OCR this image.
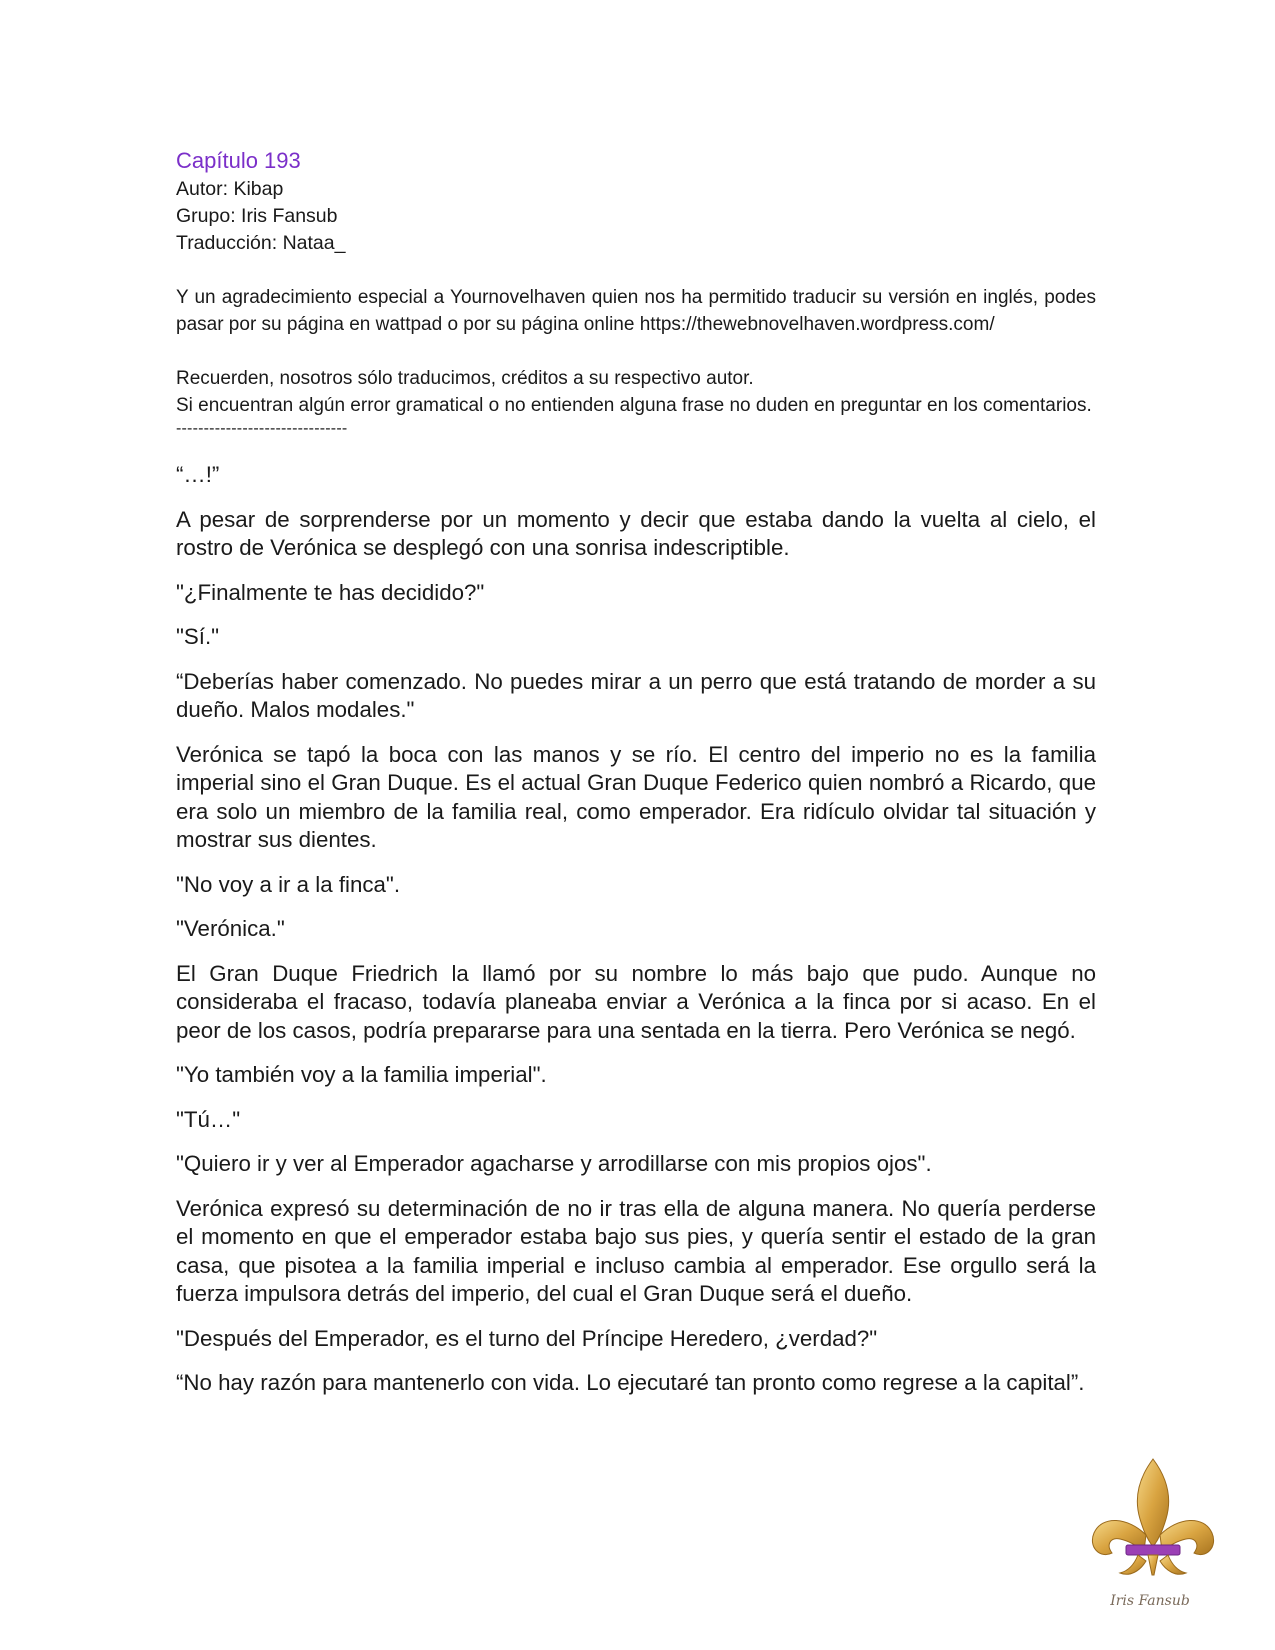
Capítulo 193

Autor: Kibap

Grupo: Iris Fansub

Traducción: Nataa_

Y un agradecimiento especial a Yournovelhaven quien nos ha permitido traducir su versión en inglés, podes pasar por su página en wattpad o por su página online https://thewebnovelhaven.wordpress.com/

Recuerden, nosotros sólo traducimos, créditos a su respectivo autor.

Si encuentran algún error gramatical o no entienden alguna frase no duden en preguntar en los comentarios.

-------------------------------

“…!”

A pesar de sorprenderse por un momento y decir que estaba dando la vuelta al cielo, el rostro de Verónica se desplegó con una sonrisa indescriptible.

"¿Finalmente te has decidido?"

"Sí."

“Deberías haber comenzado. No puedes mirar a un perro que está tratando de morder a su dueño. Malos modales."

Verónica se tapó la boca con las manos y se río. El centro del imperio no es la familia imperial sino el Gran Duque. Es el actual Gran Duque Federico quien nombró a Ricardo, que era solo un miembro de la familia real, como emperador. Era ridículo olvidar tal situación y mostrar sus dientes.

"No voy a ir a la finca".

"Verónica."

El Gran Duque Friedrich la llamó por su nombre lo más bajo que pudo. Aunque no consideraba el fracaso, todavía planeaba enviar a Verónica a la finca por si acaso. En el peor de los casos, podría prepararse para una sentada en la tierra. Pero Verónica se negó.

"Yo también voy a la familia imperial".

"Tú…"

"Quiero ir y ver al Emperador agacharse y arrodillarse con mis propios ojos".

Verónica expresó su determinación de no ir tras ella de alguna manera. No quería perderse el momento en que el emperador estaba bajo sus pies, y quería sentir el estado de la gran casa, que pisotea a la familia imperial e incluso cambia al emperador. Ese orgullo será la fuerza impulsora detrás del imperio, del cual el Gran Duque será el dueño.

"Después del Emperador, es el turno del Príncipe Heredero, ¿verdad?"

“No hay razón para mantenerlo con vida. Lo ejecutaré tan pronto como regrese a la capital”.

Iris Fansub
